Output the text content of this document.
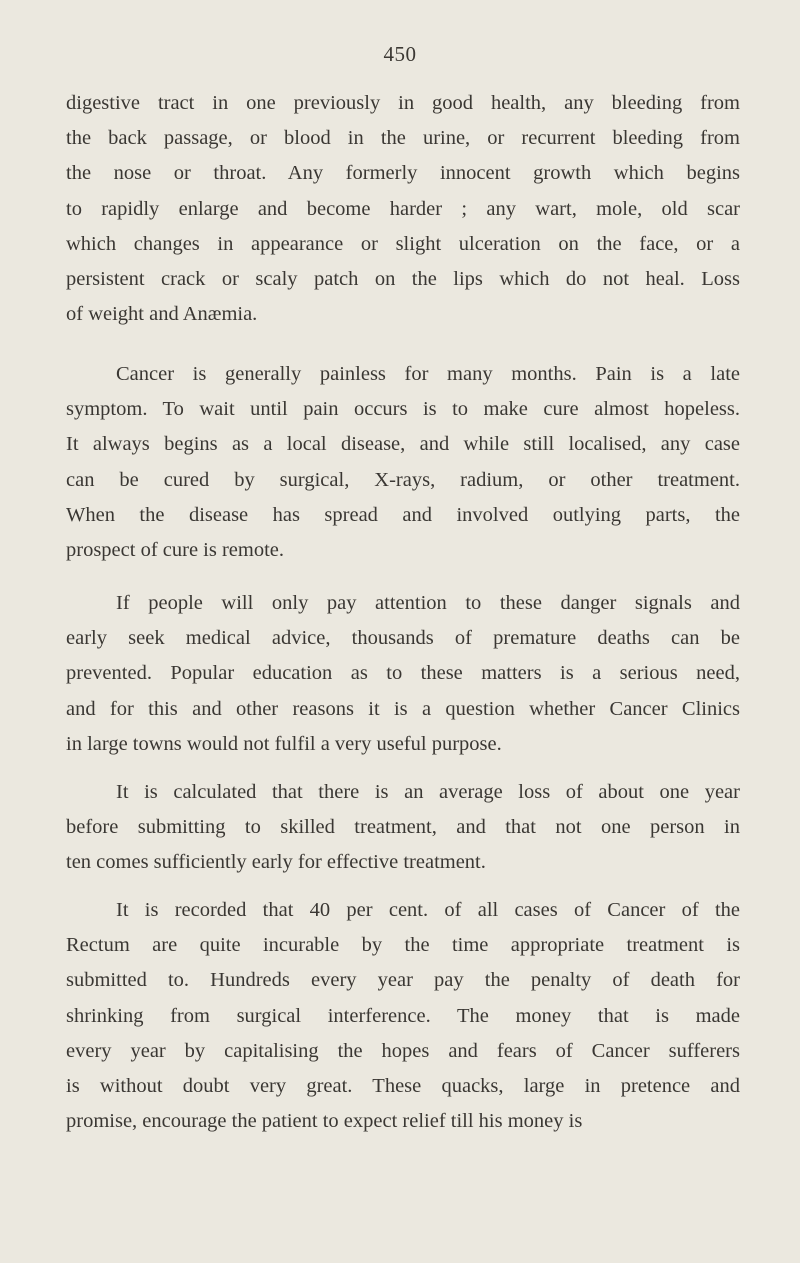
450
digestive tract in one previously in good health, any bleeding from
the back passage, or blood in the urine, or recurrent bleeding from
the nose or throat. Any formerly innocent growth which begins
to rapidly enlarge and become harder ; any wart, mole, old scar
which changes in appearance or slight ulceration on the face, or a
persistent crack or scaly patch on the lips which do not heal. Loss
of weight and Anæmia.
Cancer is generally painless for many months. Pain is a late
symptom. To wait until pain occurs is to make cure almost hopeless.
It always begins as a local disease, and while still localised, any case
can be cured by surgical, X-rays, radium, or other treatment.
When the disease has spread and involved outlying parts, the
prospect of cure is remote.
If people will only pay attention to these danger signals and
early seek medical advice, thousands of premature deaths can be
prevented. Popular education as to these matters is a serious need,
and for this and other reasons it is a question whether Cancer Clinics
in large towns would not fulfil a very useful purpose.
It is calculated that there is an average loss of about one year
before submitting to skilled treatment, and that not one person in
ten comes sufficiently early for effective treatment.
It is recorded that 40 per cent. of all cases of Cancer of the
Rectum are quite incurable by the time appropriate treatment is
submitted to. Hundreds every year pay the penalty of death for
shrinking from surgical interference. The money that is made
every year by capitalising the hopes and fears of Cancer sufferers
is without doubt very great. These quacks, large in pretence and
promise, encourage the patient to expect relief till his money is
